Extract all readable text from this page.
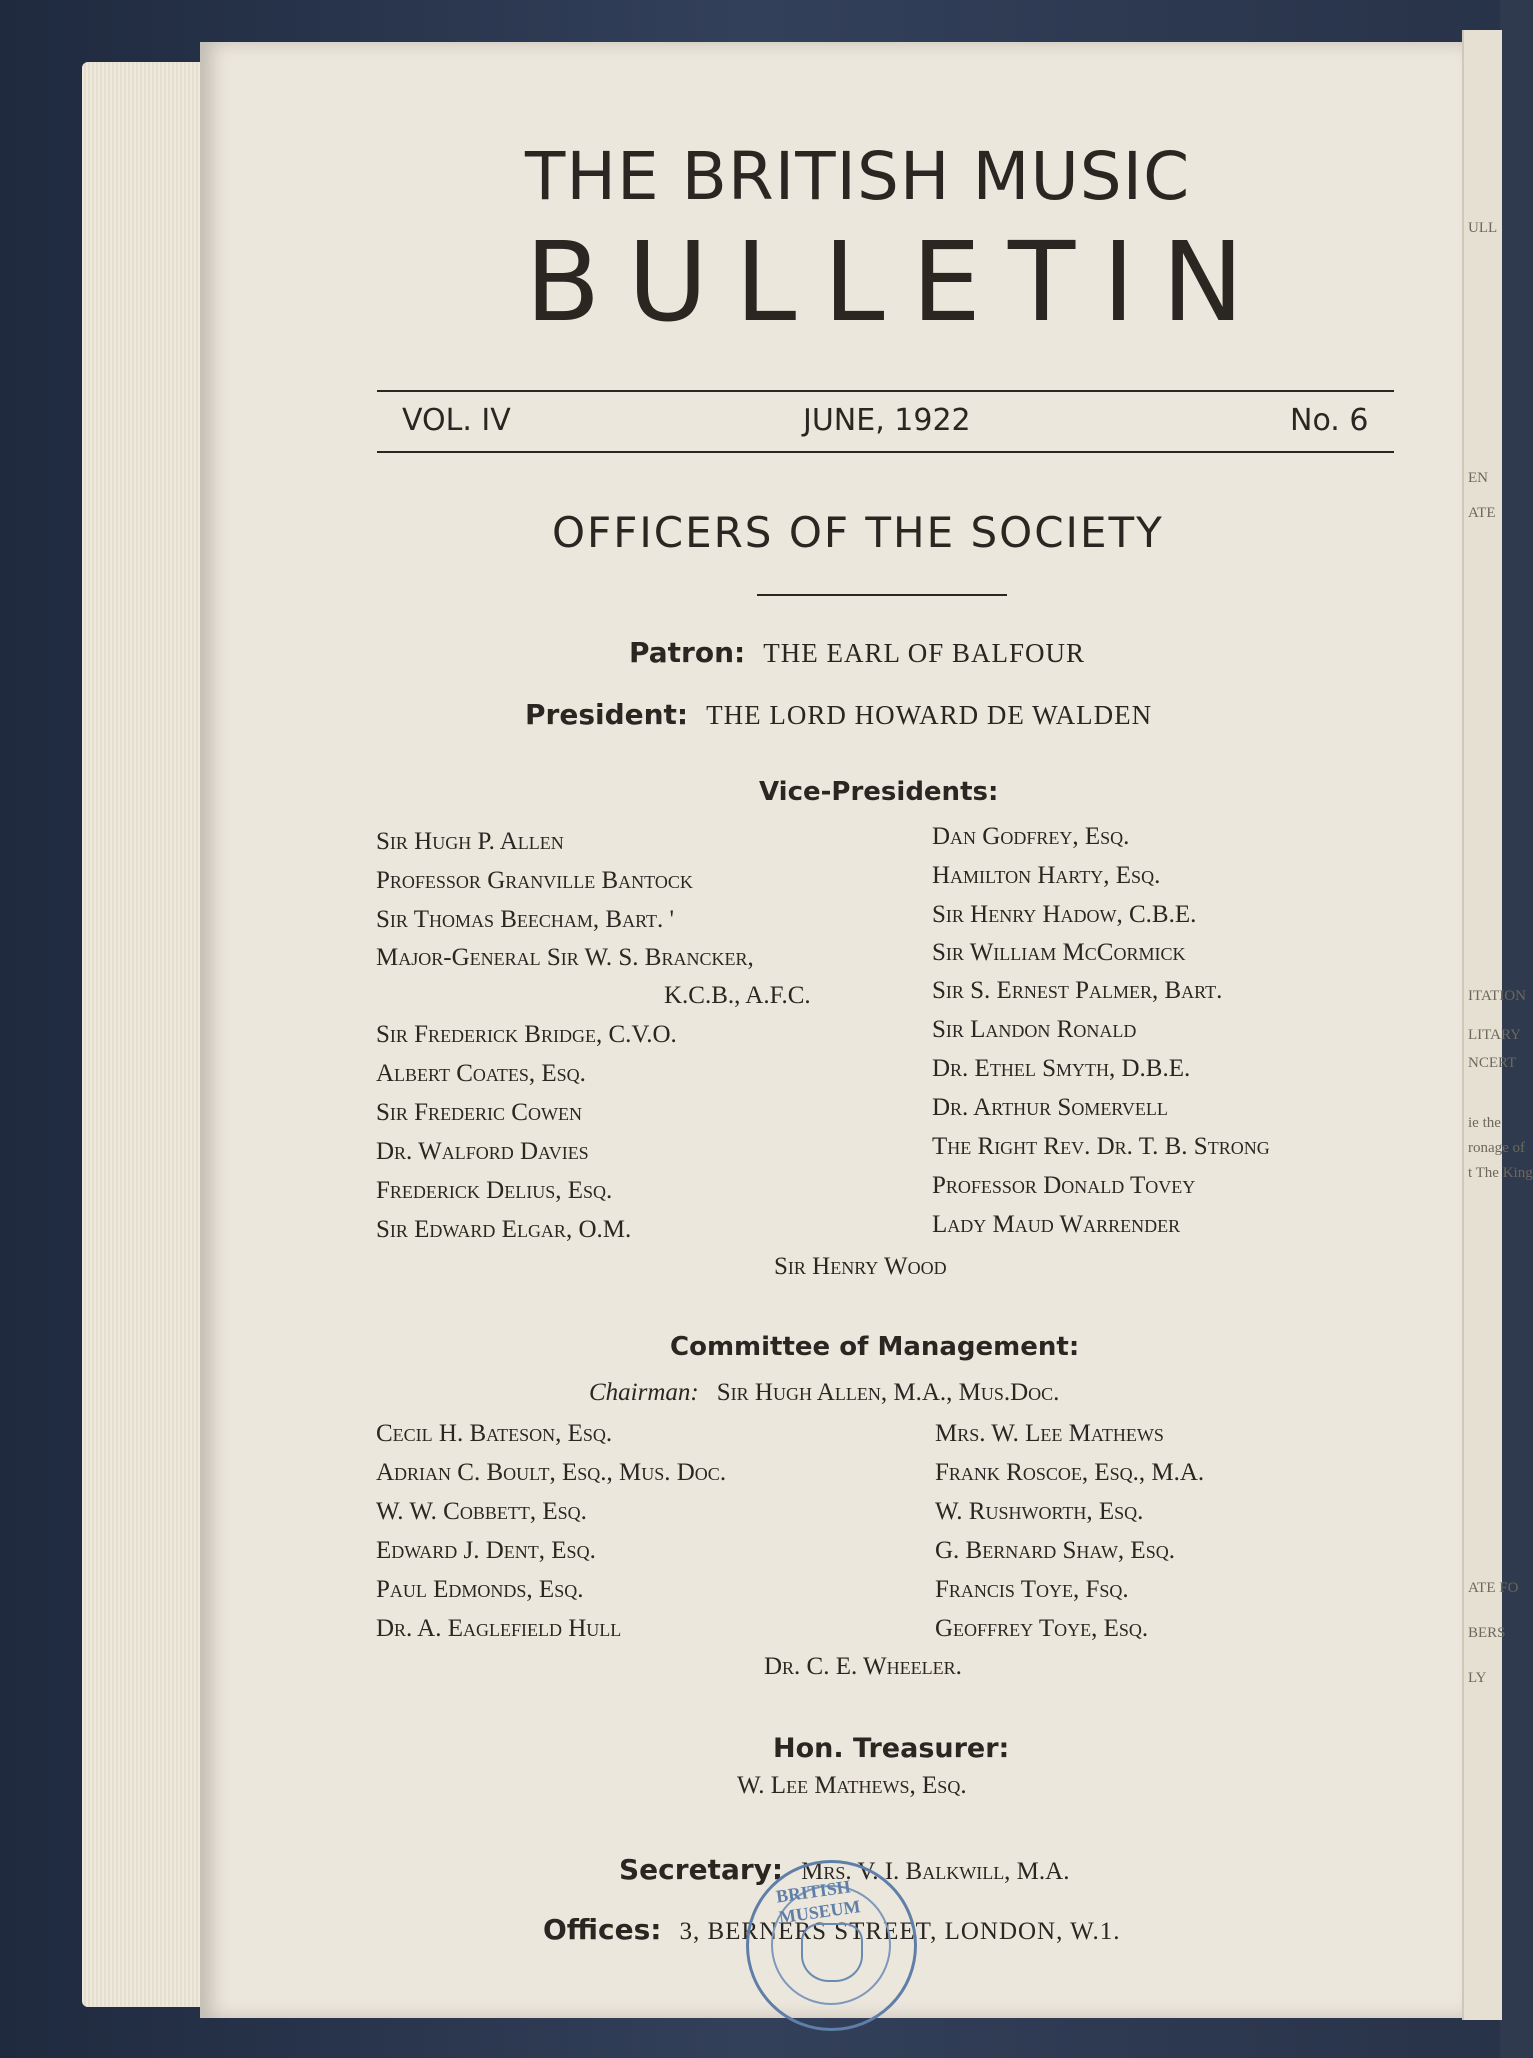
ULL
EN
ATE
ITATION
LITARY
NCERT
ie the
ronage of
t The King
ATE FO
BERS
LY
THE BRITISH MUSIC
BULLETIN
VOL. IV	JUNE, 1922	No. 6
OFFICERS OF THE SOCIETY
Patron: THE EARL OF BALFOUR
President: THE LORD HOWARD DE WALDEN
Vice-Presidents:
Sir Hugh P. Allen
Professor Granville Bantock
Sir Thomas Beecham, Bart. '
Major-General Sir W. S. Brancker,
K.C.B., A.F.C.
Sir Frederick Bridge, C.V.O.
Albert Coates, Esq.
Sir Frederic Cowen
Dr. Walford Davies
Frederick Delius, Esq.
Sir Edward Elgar, O.M.
Dan Godfrey, Esq.
Hamilton Harty, Esq.
Sir Henry Hadow, C.B.E.
Sir William McCormick
Sir S. Ernest Palmer, Bart.
Sir Landon Ronald
Dr. Ethel Smyth, D.B.E.
Dr. Arthur Somervell
The Right Rev. Dr. T. B. Strong
Professor Donald Tovey
Lady Maud Warrender
Sir Henry Wood
Committee of Management:
Chairman: Sir Hugh Allen, M.A., Mus.Doc.
Cecil H. Bateson, Esq.
Adrian C. Boult, Esq., Mus. Doc.
W. W. Cobbett, Esq.
Edward J. Dent, Esq.
Paul Edmonds, Esq.
Dr. A. Eaglefield Hull
Mrs. W. Lee Mathews
Frank Roscoe, Esq., M.A.
W. Rushworth, Esq.
G. Bernard Shaw, Esq.
Francis Toye, Fsq.
Geoffrey Toye, Esq.
Dr. C. E. Wheeler.
Hon. Treasurer:
W. Lee Mathews, Esq.
Secretary: Mrs. V. I. Balkwill, M.A.
Offices: 3, BERNERS STREET, LONDON, W.1.
BRITISH MUSEUM
